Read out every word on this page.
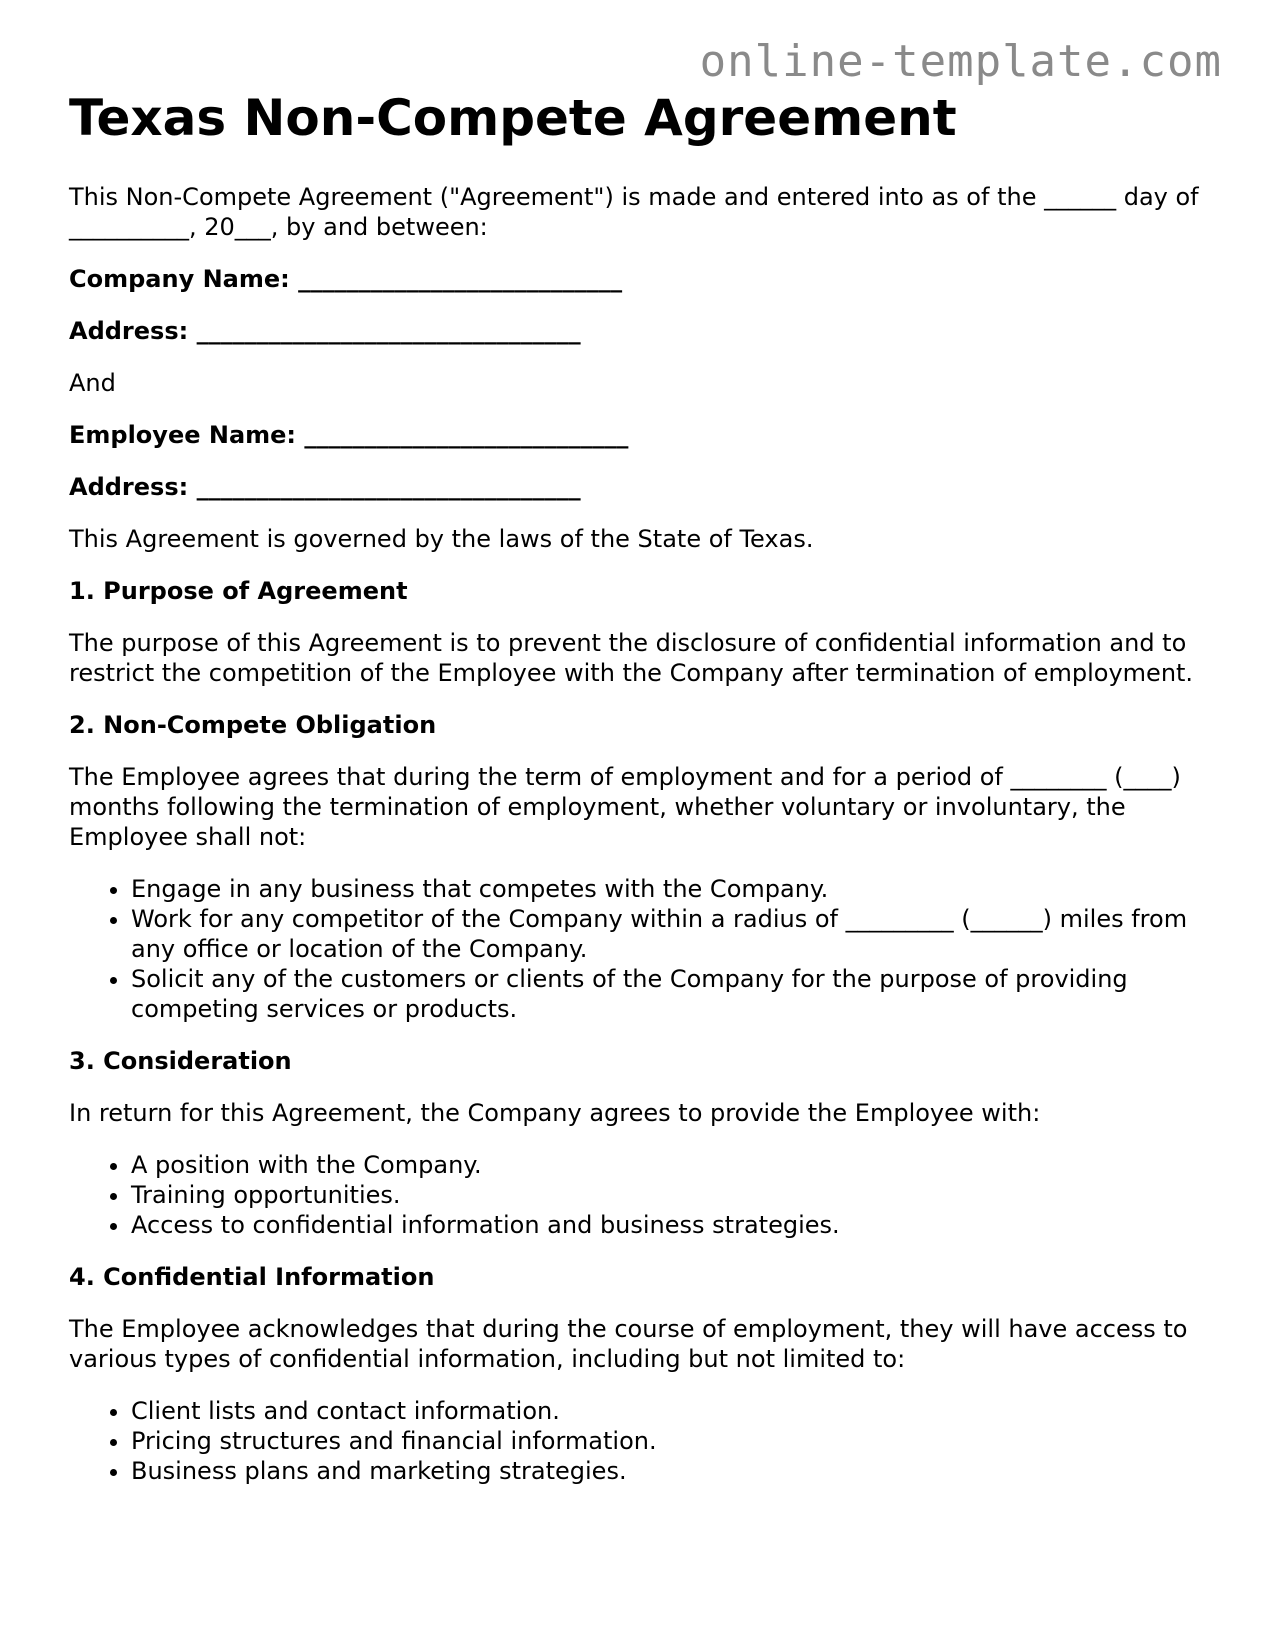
online-template.com
Texas Non-Compete Agreement

This Non-Compete Agreement ("Agreement") is made and entered into as of the ______ day of __________, 20___, by and between:

Company Name: ___________________________

Address: ________________________________

And

Employee Name: ___________________________

Address: ________________________________

This Agreement is governed by the laws of the State of Texas.

1. Purpose of Agreement

The purpose of this Agreement is to prevent the disclosure of confidential information and to restrict the competition of the Employee with the Company after termination of employment.

2. Non-Compete Obligation

The Employee agrees that during the term of employment and for a period of ________ (____) months following the termination of employment, whether voluntary or involuntary, the Employee shall not:

• Engage in any business that competes with the Company.
• Work for any competitor of the Company within a radius of _________ (______) miles from any office or location of the Company.
• Solicit any of the customers or clients of the Company for the purpose of providing competing services or products.
3. Consideration

In return for this Agreement, the Company agrees to provide the Employee with:

• A position with the Company.
• Training opportunities.
• Access to confidential information and business strategies.
4. Confidential Information

The Employee acknowledges that during the course of employment, they will have access to various types of confidential information, including but not limited to:

• Client lists and contact information.
• Pricing structures and financial information.
• Business plans and marketing strategies.
